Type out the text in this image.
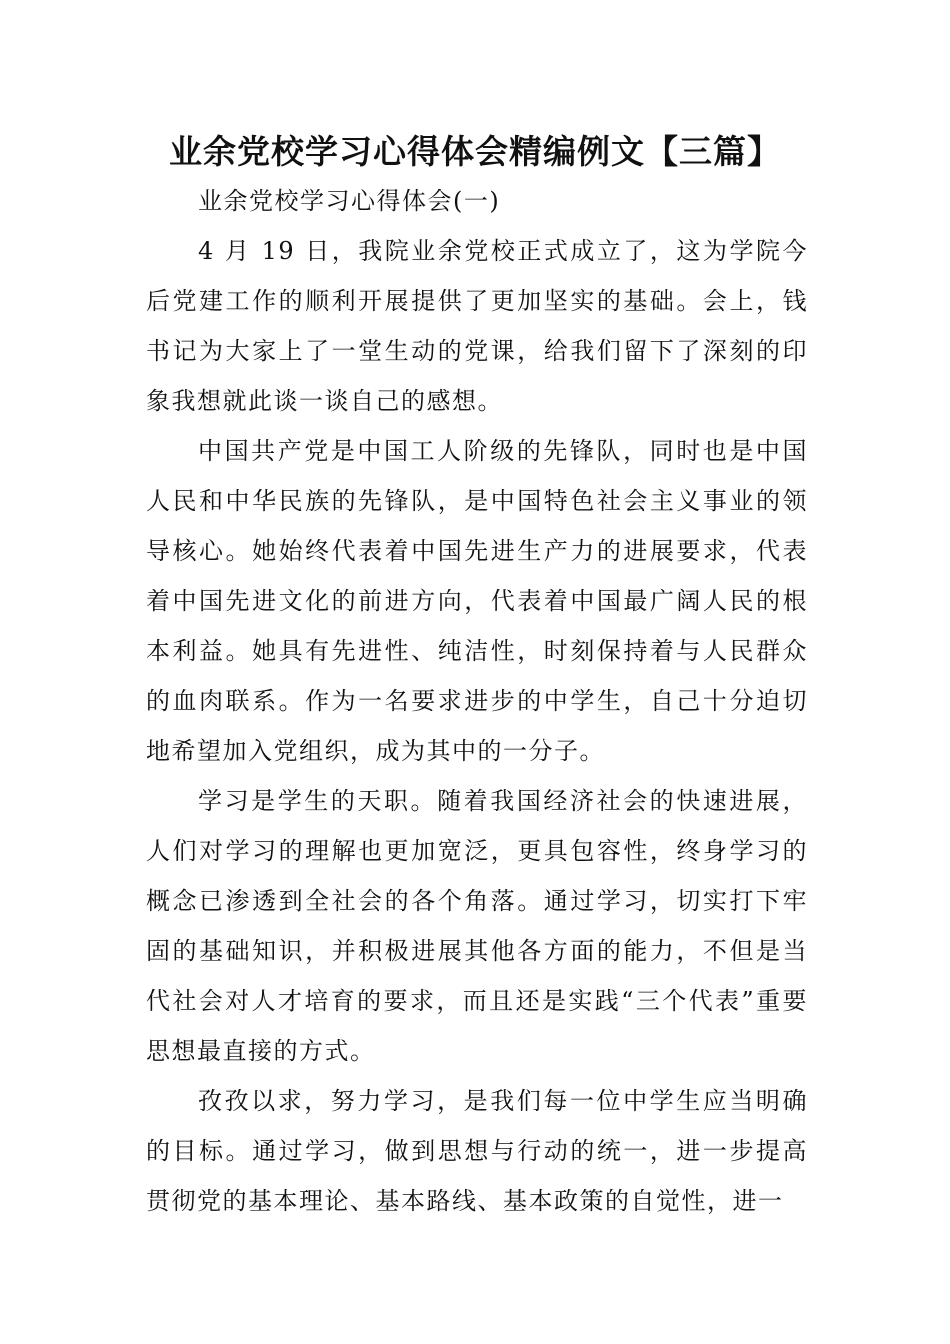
业余党校学习心得体会精编例文【三篇】

业余党校学习心得体会(一)

4 月 19 日，我院业余党校正式成立了，这为学院今后党建工作的顺利开展提供了更加坚实的基础。会上，钱书记为大家上了一堂生动的党课，给我们留下了深刻的印象我想就此谈一谈自己的感想。

中国共产党是中国工人阶级的先锋队，同时也是中国人民和中华民族的先锋队，是中国特色社会主义事业的领导核心。她始终代表着中国先进生产力的进展要求，代表着中国先进文化的前进方向，代表着中国最广阔人民的根本利益。她具有先进性、纯洁性，时刻保持着与人民群众的血肉联系。作为一名要求进步的中学生，自己十分迫切地希望加入党组织，成为其中的一分子。

学习是学生的天职。随着我国经济社会的快速进展，人们对学习的理解也更加宽泛，更具包容性，终身学习的概念已渗透到全社会的各个角落。通过学习，切实打下牢固的基础知识，并积极进展其他各方面的能力，不但是当代社会对人才培育的要求，而且还是实践“三个代表”重要思想最直接的方式。

孜孜以求，努力学习，是我们每一位中学生应当明确的目标。通过学习，做到思想与行动的统一，进一步提高贯彻党的基本理论、基本路线、基本政策的自觉性，进一
